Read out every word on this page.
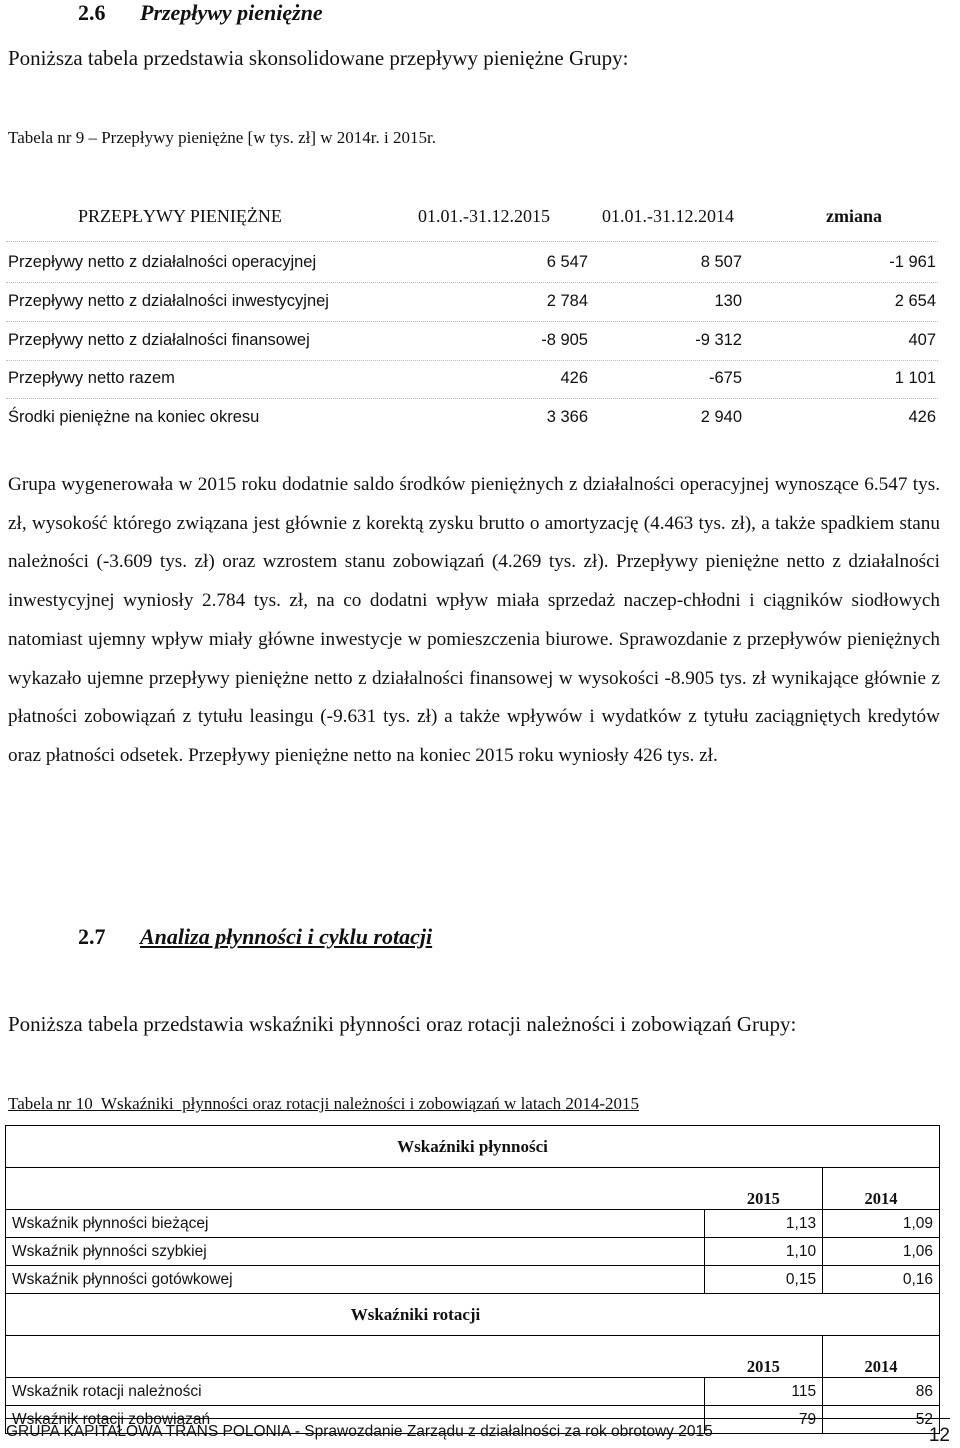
2.6 Przepływy pieniężne
Poniższa tabela przedstawia skonsolidowane przepływy pieniężne Grupy:
Tabela nr 9 – Przepływy pieniężne [w tys. zł] w 2014r. i 2015r.
PRZEPŁYWY PIENIĘŻNE	01.01.-31.12.2015	01.01.-31.12.2014	zmiana
Przepływy netto z działalności operacyjnej	6 547	8 507	-1 961
Przepływy netto z działalności inwestycyjnej	2 784	130	2 654
Przepływy netto z działalności finansowej	-8 905	-9 312	407
Przepływy netto razem	426	-675	1 101
Środki pieniężne na koniec okresu	3 366	2 940	426
Grupa wygenerowała w 2015 roku dodatnie saldo środków pieniężnych z działalności operacyjnej wynoszące 6.547 tys. zł, wysokość którego związana jest głównie z korektą zysku brutto o amortyzację (4.463 tys. zł), a także spadkiem stanu należności (-3.609 tys. zł) oraz wzrostem stanu zobowiązań (4.269 tys. zł). Przepływy pieniężne netto z działalności inwestycyjnej wyniosły 2.784 tys. zł, na co dodatni wpływ miała sprzedaż naczep-chłodni i ciągników siodłowych natomiast ujemny wpływ miały główne inwestycje w pomieszczenia biurowe. Sprawozdanie z przepływów pieniężnych wykazało ujemne przepływy pieniężne netto z działalności finansowej w wysokości -8.905 tys. zł wynikające głównie z płatności zobowiązań z tytułu leasingu (-9.631 tys. zł) a także wpływów i wydatków z tytułu zaciągniętych kredytów oraz płatności odsetek. Przepływy pieniężne netto na koniec 2015 roku wyniosły 426 tys. zł.
2.7 Analiza płynności i cyklu rotacji
Poniższa tabela przedstawia wskaźniki płynności oraz rotacji należności i zobowiązań Grupy:
Tabela nr 10  Wskaźniki  płynności oraz rotacji należności i zobowiązań w latach 2014-2015
Wskaźniki płynności		
	2015	2014
Wskaźnik płynności bieżącej	1,13	1,09
Wskaźnik płynności szybkiej	1,10	1,06
Wskaźnik płynności gotówkowej	0,15	0,16
Wskaźniki rotacji		
	2015	2014
Wskaźnik rotacji należności	115	86
Wskaźnik rotacji zobowiązań	79	52
GRUPA KAPITAŁOWA TRANS POLONIA - Sprawozdanie Zarządu z działalności za rok obrotowy 2015	12
